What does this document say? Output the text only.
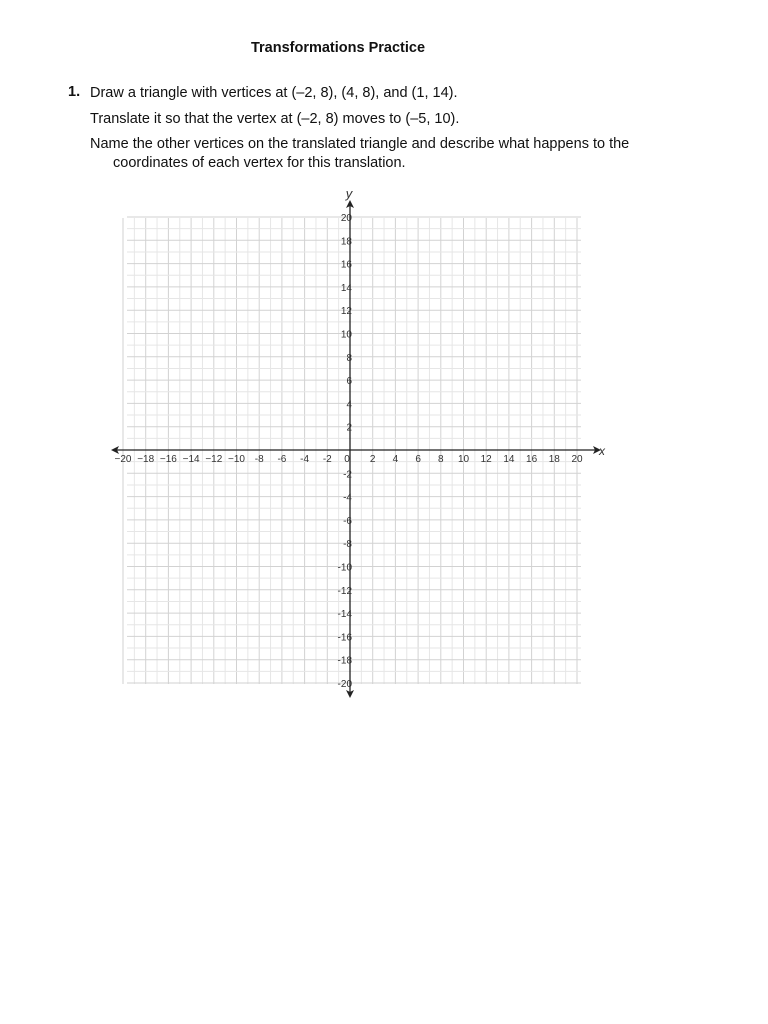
Transformations Practice
1. Draw a triangle with vertices at (–2, 8), (4, 8), and (1, 14).
Translate it so that the vertex at (–2, 8) moves to (–5, 10).
Name the other vertices on the translated triangle and describe what happens to the
coordinates of each vertex for this translation.
x
y
−20 −18 −16 −14 −12 −10 -8 -6 -4 -2 0 2 4 6 8 10 12 14 16 18 20
20
18
16
14
12
10
8
6
4
2
-2
-4
-6
-8
-10
-12
-14
-16
-18
-20
